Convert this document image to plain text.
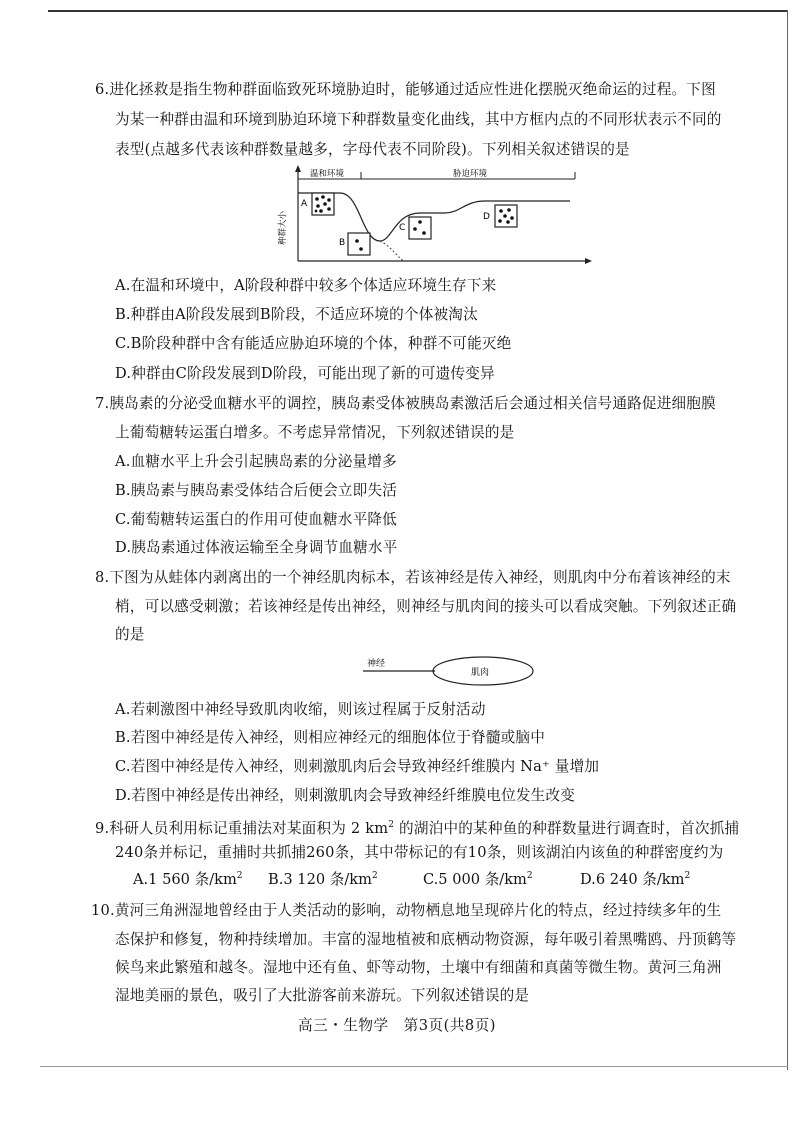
6.进化拯救是指生物种群面临致死环境胁迫时，能够通过适应性进化摆脱灭绝命运的过程。下图
为某一种群由温和环境到胁迫环境下种群数量变化曲线，其中方框内点的不同形状表示不同的
表型(点越多代表该种群数量越多，字母代表不同阶段)。下列相关叙述错误的是
温和环境	胁迫环境
种群大小
A
B
C
D
A.在温和环境中，A阶段种群中较多个体适应环境生存下来
B.种群由A阶段发展到B阶段，不适应环境的个体被淘汰
C.B阶段种群中含有能适应胁迫环境的个体，种群不可能灭绝
D.种群由C阶段发展到D阶段，可能出现了新的可遗传变异
7.胰岛素的分泌受血糖水平的调控，胰岛素受体被胰岛素激活后会通过相关信号通路促进细胞膜
上葡萄糖转运蛋白增多。不考虑异常情况，下列叙述错误的是
A.血糖水平上升会引起胰岛素的分泌量增多
B.胰岛素与胰岛素受体结合后便会立即失活
C.葡萄糖转运蛋白的作用可使血糖水平降低
D.胰岛素通过体液运输至全身调节血糖水平
8.下图为从蛙体内剥离出的一个神经肌肉标本，若该神经是传入神经，则肌肉中分布着该神经的末
梢，可以感受刺激；若该神经是传出神经，则神经与肌肉间的接头可以看成突触。下列叙述正确
的是
神经
肌肉
A.若刺激图中神经导致肌肉收缩，则该过程属于反射活动
B.若图中神经是传入神经，则相应神经元的细胞体位于脊髓或脑中
C.若图中神经是传入神经，则刺激肌肉后会导致神经纤维膜内 Na⁺ 量增加
D.若图中神经是传出神经，则刺激肌肉会导致神经纤维膜电位发生改变
9.科研人员利用标记重捕法对某面积为 2 $km^2$ 的湖泊中的某种鱼的种群数量进行调查时，首次抓捕
240条并标记，重捕时共抓捕260条，其中带标记的有10条，则该湖泊内该鱼的种群密度约为
A.1 560 条$/km^2$ B.3 120 条$/km^2$	C.5 000 条$/km^2$	D.6 240 条$/km^2$
10.黄河三角洲湿地曾经由于人类活动的影响，动物栖息地呈现碎片化的特点，经过持续多年的生
态保护和修复，物种持续增加。丰富的湿地植被和底栖动物资源，每年吸引着黑嘴鸥、丹顶鹤等
候鸟来此繁殖和越冬。湿地中还有鱼、虾等动物，土壤中有细菌和真菌等微生物。黄河三角洲
湿地美丽的景色，吸引了大批游客前来游玩。下列叙述错误的是
高三・生物学　第3页(共8页)
